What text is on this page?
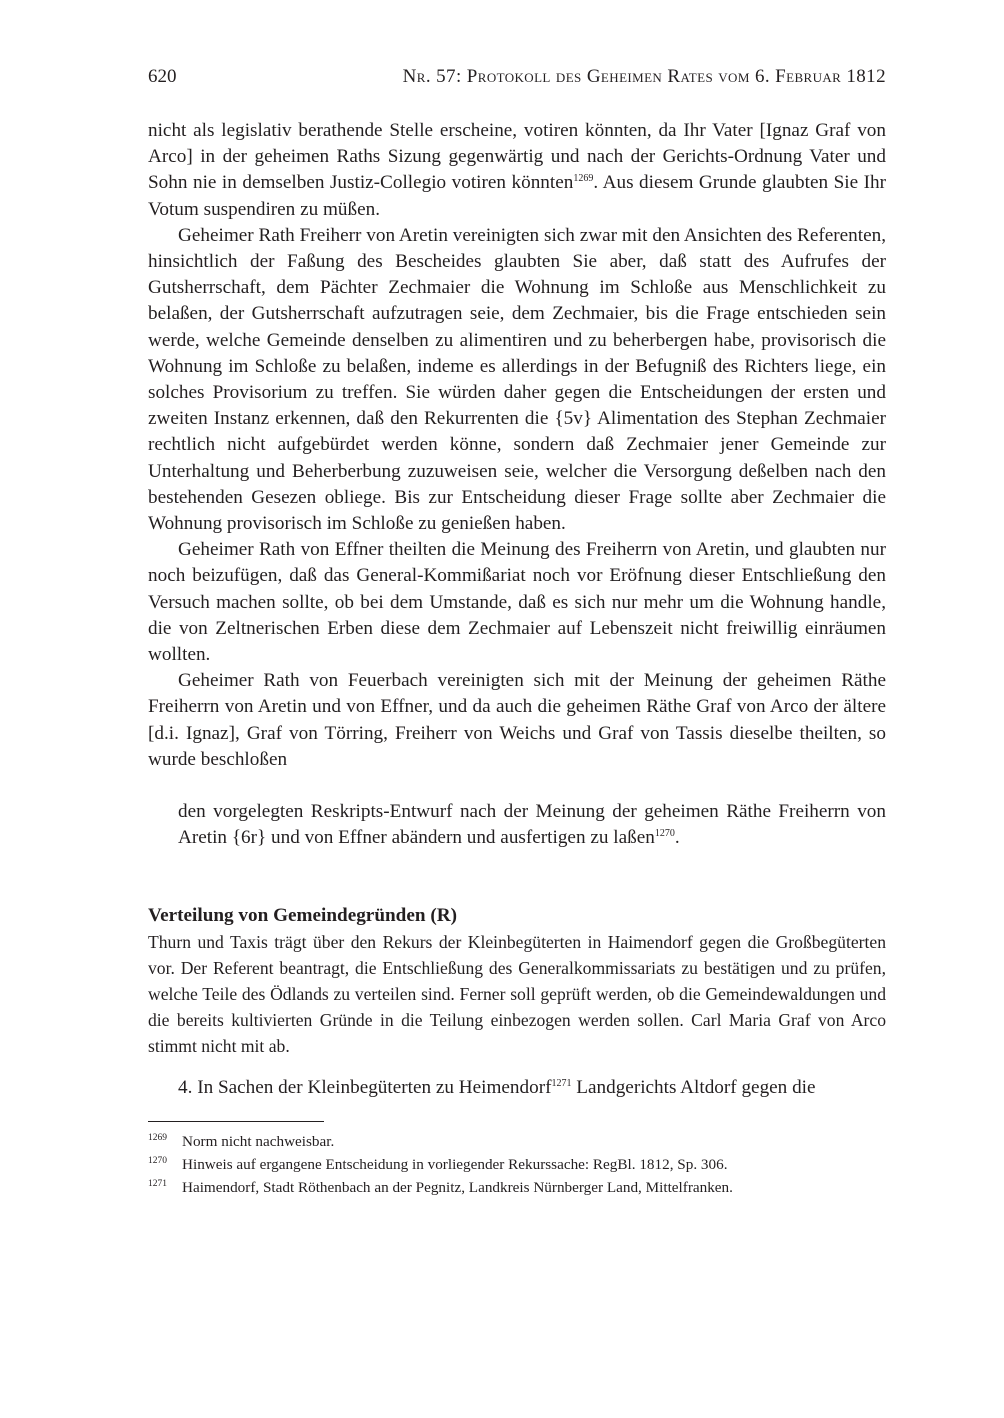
620	Nr. 57: Protokoll des Geheimen Rates vom 6. Februar 1812

nicht als legislativ berathende Stelle erscheine, votiren könnten, da Ihr Vater [Ignaz Graf von Arco] in der geheimen Raths Sizung gegenwärtig und nach der Gerichts-Ordnung Vater und Sohn nie in demselben Justiz-Collegio votiren könnten$^{1269}$. Aus diesem Grunde glaubten Sie Ihr Votum suspendiren zu müßen.

Geheimer Rath Freiherr von Aretin vereinigten sich zwar mit den Ansichten des Referenten, hinsichtlich der Faßung des Bescheides glaubten Sie aber, daß statt des Aufrufes der Gutsherrschaft, dem Pächter Zechmaier die Wohnung im Schloße aus Menschlichkeit zu belaßen, der Gutsherrschaft aufzutragen seie, dem Zechmaier, bis die Frage entschieden sein werde, welche Gemeinde denselben zu alimentiren und zu beherbergen habe, provisorisch die Wohnung im Schloße zu belaßen, indeme es allerdings in der Befugniß des Richters liege, ein solches Provisorium zu treffen. Sie würden daher gegen die Entscheidungen der ersten und zweiten Instanz erkennen, daß den Rekurrenten die {5v} Alimentation des Stephan Zechmaier rechtlich nicht aufgebürdet werden könne, sondern daß Zechmaier jener Gemeinde zur Unterhaltung und Beherberbung zuzuweisen seie, welcher die Versorgung deßelben nach den bestehenden Gesezen obliege. Bis zur Entscheidung dieser Frage sollte aber Zechmaier die Wohnung provisorisch im Schloße zu genießen haben.

Geheimer Rath von Effner theilten die Meinung des Freiherrn von Aretin, und glaubten nur noch beizufügen, daß das General-Kommißariat noch vor Eröfnung dieser Entschließung den Versuch machen sollte, ob bei dem Umstande, daß es sich nur mehr um die Wohnung handle, die von Zeltnerischen Erben diese dem Zechmaier auf Lebenszeit nicht freiwillig einräumen wollten.

Geheimer Rath von Feuerbach vereinigten sich mit der Meinung der geheimen Räthe Freiherrn von Aretin und von Effner, und da auch die geheimen Räthe Graf von Arco der ältere [d.i. Ignaz], Graf von Törring, Freiherr von Weichs und Graf von Tassis dieselbe theilten, so wurde beschloßen

den vorgelegten Reskripts-Entwurf nach der Meinung der geheimen Räthe Freiherrn von Aretin {6r} und von Effner abändern und ausfertigen zu laßen$^{1270}$.

Verteilung von Gemeindegründen (R)

Thurn und Taxis trägt über den Rekurs der Kleinbegüterten in Haimendorf gegen die Großbegüterten vor. Der Referent beantragt, die Entschließung des Generalkommissariats zu bestätigen und zu prüfen, welche Teile des Ödlands zu verteilen sind. Ferner soll geprüft werden, ob die Gemeindewaldungen und die bereits kultivierten Gründe in die Teilung einbezogen werden sollen. Carl Maria Graf von Arco stimmt nicht mit ab.

4. In Sachen der Kleinbegüterten zu Heimendorf$^{1271}$ Landgerichts Altdorf gegen die

1269 Norm nicht nachweisbar.
1270 Hinweis auf ergangene Entscheidung in vorliegender Rekurssache: RegBl. 1812, Sp. 306.
1271 Haimendorf, Stadt Röthenbach an der Pegnitz, Landkreis Nürnberger Land, Mittelfranken.
